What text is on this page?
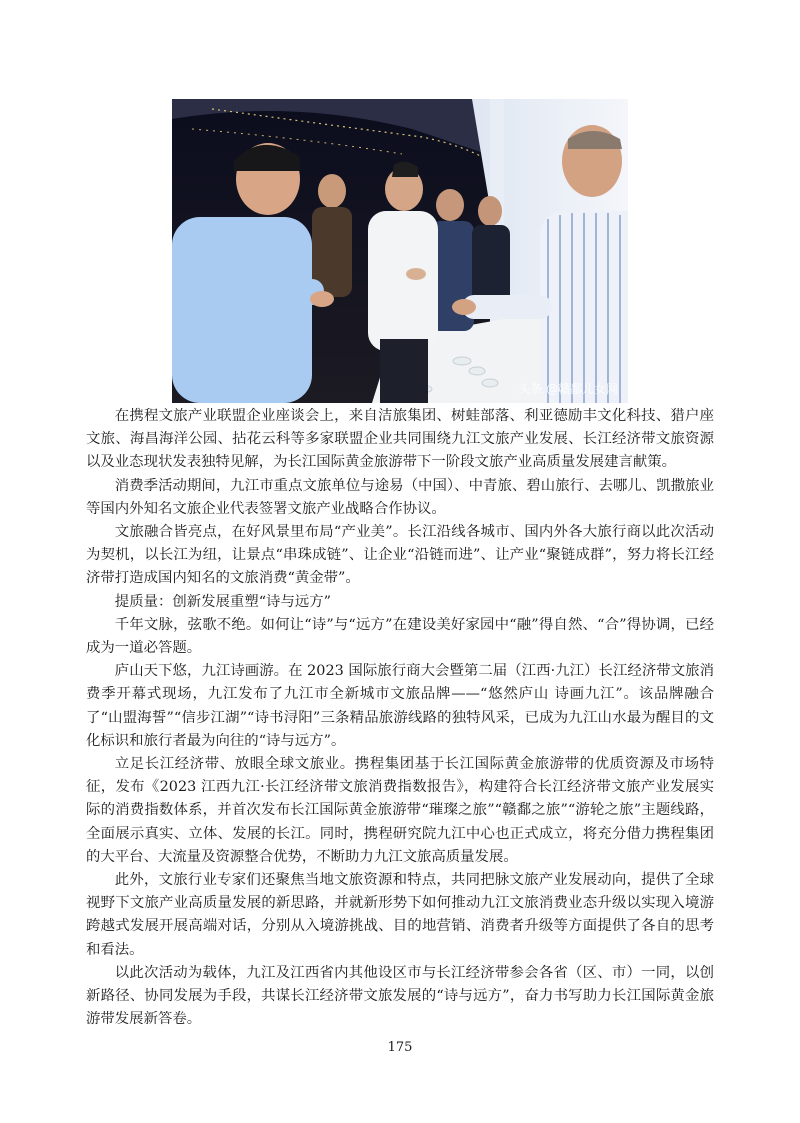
头条 @赣鄱儿女网

在携程文旅产业联盟企业座谈会上，来自洁旅集团、树蛙部落、利亚德励丰文化科技、猎户座文旅、海昌海洋公园、拈花云科等多家联盟企业共同围绕九江文旅产业发展、长江经济带文旅资源以及业态现状发表独特见解，为长江国际黄金旅游带下一阶段文旅产业高质量发展建言献策。

消费季活动期间，九江市重点文旅单位与途易（中国）、中青旅、碧山旅行、去哪儿、凯撒旅业等国内外知名文旅企业代表签署文旅产业战略合作协议。

文旅融合皆亮点，在好风景里布局“产业美”。长江沿线各城市、国内外各大旅行商以此次活动为契机，以长江为纽，让景点“串珠成链”、让企业“沿链而进”、让产业“聚链成群”，努力将长江经济带打造成国内知名的文旅消费“黄金带”。

提质量：创新发展重塑“诗与远方”

千年文脉，弦歌不绝。如何让“诗”与“远方”在建设美好家园中“融”得自然、“合”得协调，已经成为一道必答题。

庐山天下悠，九江诗画游。在 2023 国际旅行商大会暨第二届（江西·九江）长江经济带文旅消费季开幕式现场，九江发布了九江市全新城市文旅品牌——“悠然庐山 诗画九江”。该品牌融合了“山盟海誓”“信步江湖”“诗书浔阳”三条精品旅游线路的独特风采，已成为九江山水最为醒目的文化标识和旅行者最为向往的“诗与远方”。

立足长江经济带、放眼全球文旅业。携程集团基于长江国际黄金旅游带的优质资源及市场特征，发布《2023 江西九江·长江经济带文旅消费指数报告》，构建符合长江经济带文旅产业发展实际的消费指数体系，并首次发布长江国际黄金旅游带“璀璨之旅”“赣鄱之旅”“游轮之旅”主题线路，全面展示真实、立体、发展的长江。同时，携程研究院九江中心也正式成立，将充分借力携程集团的大平台、大流量及资源整合优势，不断助力九江文旅高质量发展。

此外，文旅行业专家们还聚焦当地文旅资源和特点，共同把脉文旅产业发展动向，提供了全球视野下文旅产业高质量发展的新思路，并就新形势下如何推动九江文旅消费业态升级以实现入境游跨越式发展开展高端对话，分别从入境游挑战、目的地营销、消费者升级等方面提供了各自的思考和看法。

以此次活动为载体，九江及江西省内其他设区市与长江经济带参会各省（区、市）一同，以创新路径、协同发展为手段，共谋长江经济带文旅发展的“诗与远方”，奋力书写助力长江国际黄金旅游带发展新答卷。

175
